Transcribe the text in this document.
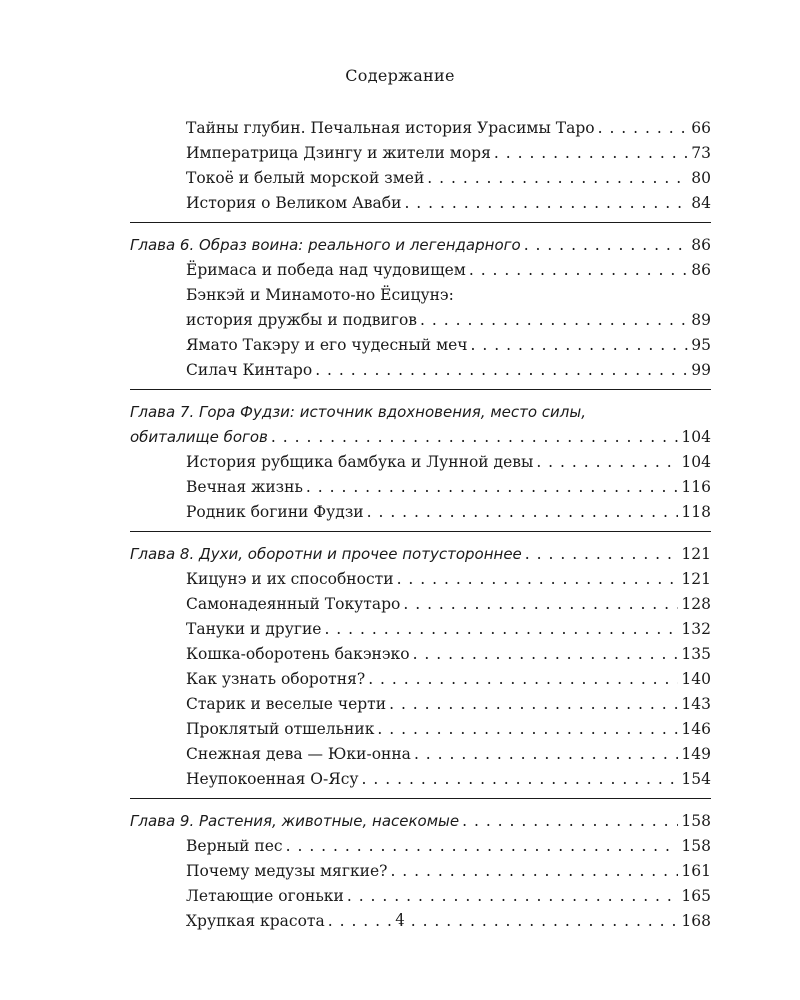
Содержание
Тайны глубин. Печальная история Урасимы Таро . . .	66
Императрица Дзингу и жители моря . . .	73
Токоё и белый морской змей . . .	80
История о Великом Аваби . . .	84
Глава 6. Образ воина: реального и легендарного . . .	86
Ёримаса и победа над чудовищем . . .	86
Бэнкэй и Минамото-но Ёсицунэ:
история дружбы и подвигов . . .	89
Ямато Такэру и его чудесный меч . . .	95
Силач Кинтаро . . .	99
Глава 7. Гора Фудзи: источник вдохновения, место силы,
обиталище богов . . .	104
История рубщика бамбука и Лунной девы . . .	104
Вечная жизнь . . .	116
Родник богини Фудзи . . .	118
Глава 8. Духи, оборотни и прочее потустороннее . . .	121
Кицунэ и их способности . . .	121
Самонадеянный Токутаро . . .	128
Тануки и другие . . .	132
Кошка-оборотень бакэнэко . . .	135
Как узнать оборотня? . . .	140
Старик и веселые черти . . .	143
Проклятый отшельник . . .	146
Снежная дева — Юки-онна . . .	149
Неупокоенная О-Ясу . . .	154
Глава 9. Растения, животные, насекомые . . .	158
Верный пес . . .	158
Почему медузы мягкие? . . .	161
Летающие огоньки . . .	165
Хрупкая красота . . .	168
4
